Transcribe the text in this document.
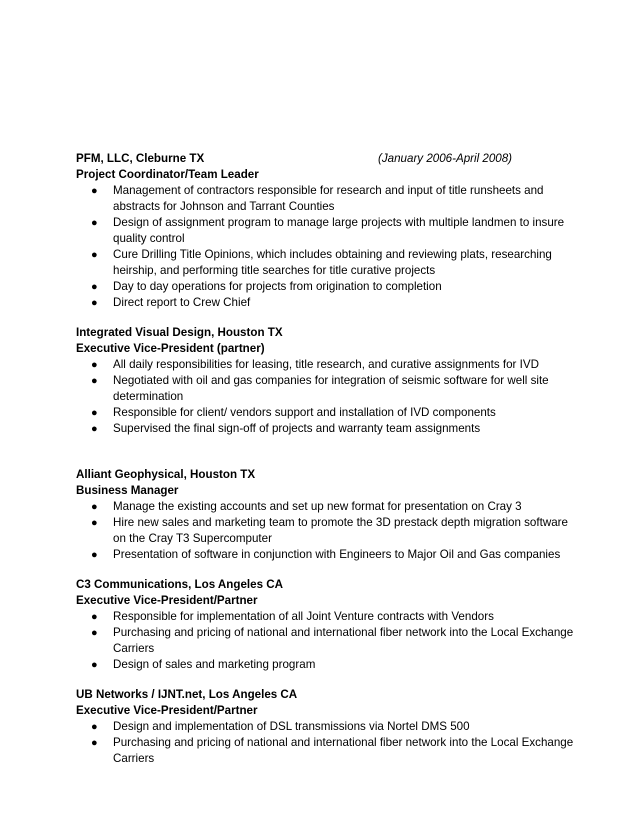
PFM, LLC, Cleburne TX	(January 2006-April 2008)
Project Coordinator/Team Leader
● Management of contractors responsible for research and input of title runsheets and abstracts for Johnson and Tarrant Counties
● Design of assignment program to manage large projects with multiple landmen to insure quality control
● Cure Drilling Title Opinions, which includes obtaining and reviewing plats, researching heirship, and performing title searches for title curative projects
● Day to day operations for projects from origination to completion
● Direct report to Crew Chief
Integrated Visual Design, Houston TX
Executive Vice-President (partner)
● All daily responsibilities for leasing, title research, and curative assignments for IVD
● Negotiated with oil and gas companies for integration of seismic software for well site determination
● Responsible for client/ vendors support and installation of IVD components
● Supervised the final sign-off of projects and warranty team assignments
Alliant Geophysical, Houston TX
Business Manager
● Manage the existing accounts and set up new format for presentation on Cray 3
● Hire new sales and marketing team to promote the 3D prestack depth migration software on the Cray T3 Supercomputer
● Presentation of software in conjunction with Engineers to Major Oil and Gas companies
C3 Communications, Los Angeles CA
Executive Vice-President/Partner
● Responsible for implementation of all Joint Venture contracts with Vendors
● Purchasing and pricing of national and international fiber network into the Local Exchange Carriers
● Design of sales and marketing program
UB Networks / IJNT.net, Los Angeles CA
Executive Vice-President/Partner
● Design and implementation of DSL transmissions via Nortel DMS 500
● Purchasing and pricing of national and international fiber network into the Local Exchange Carriers
